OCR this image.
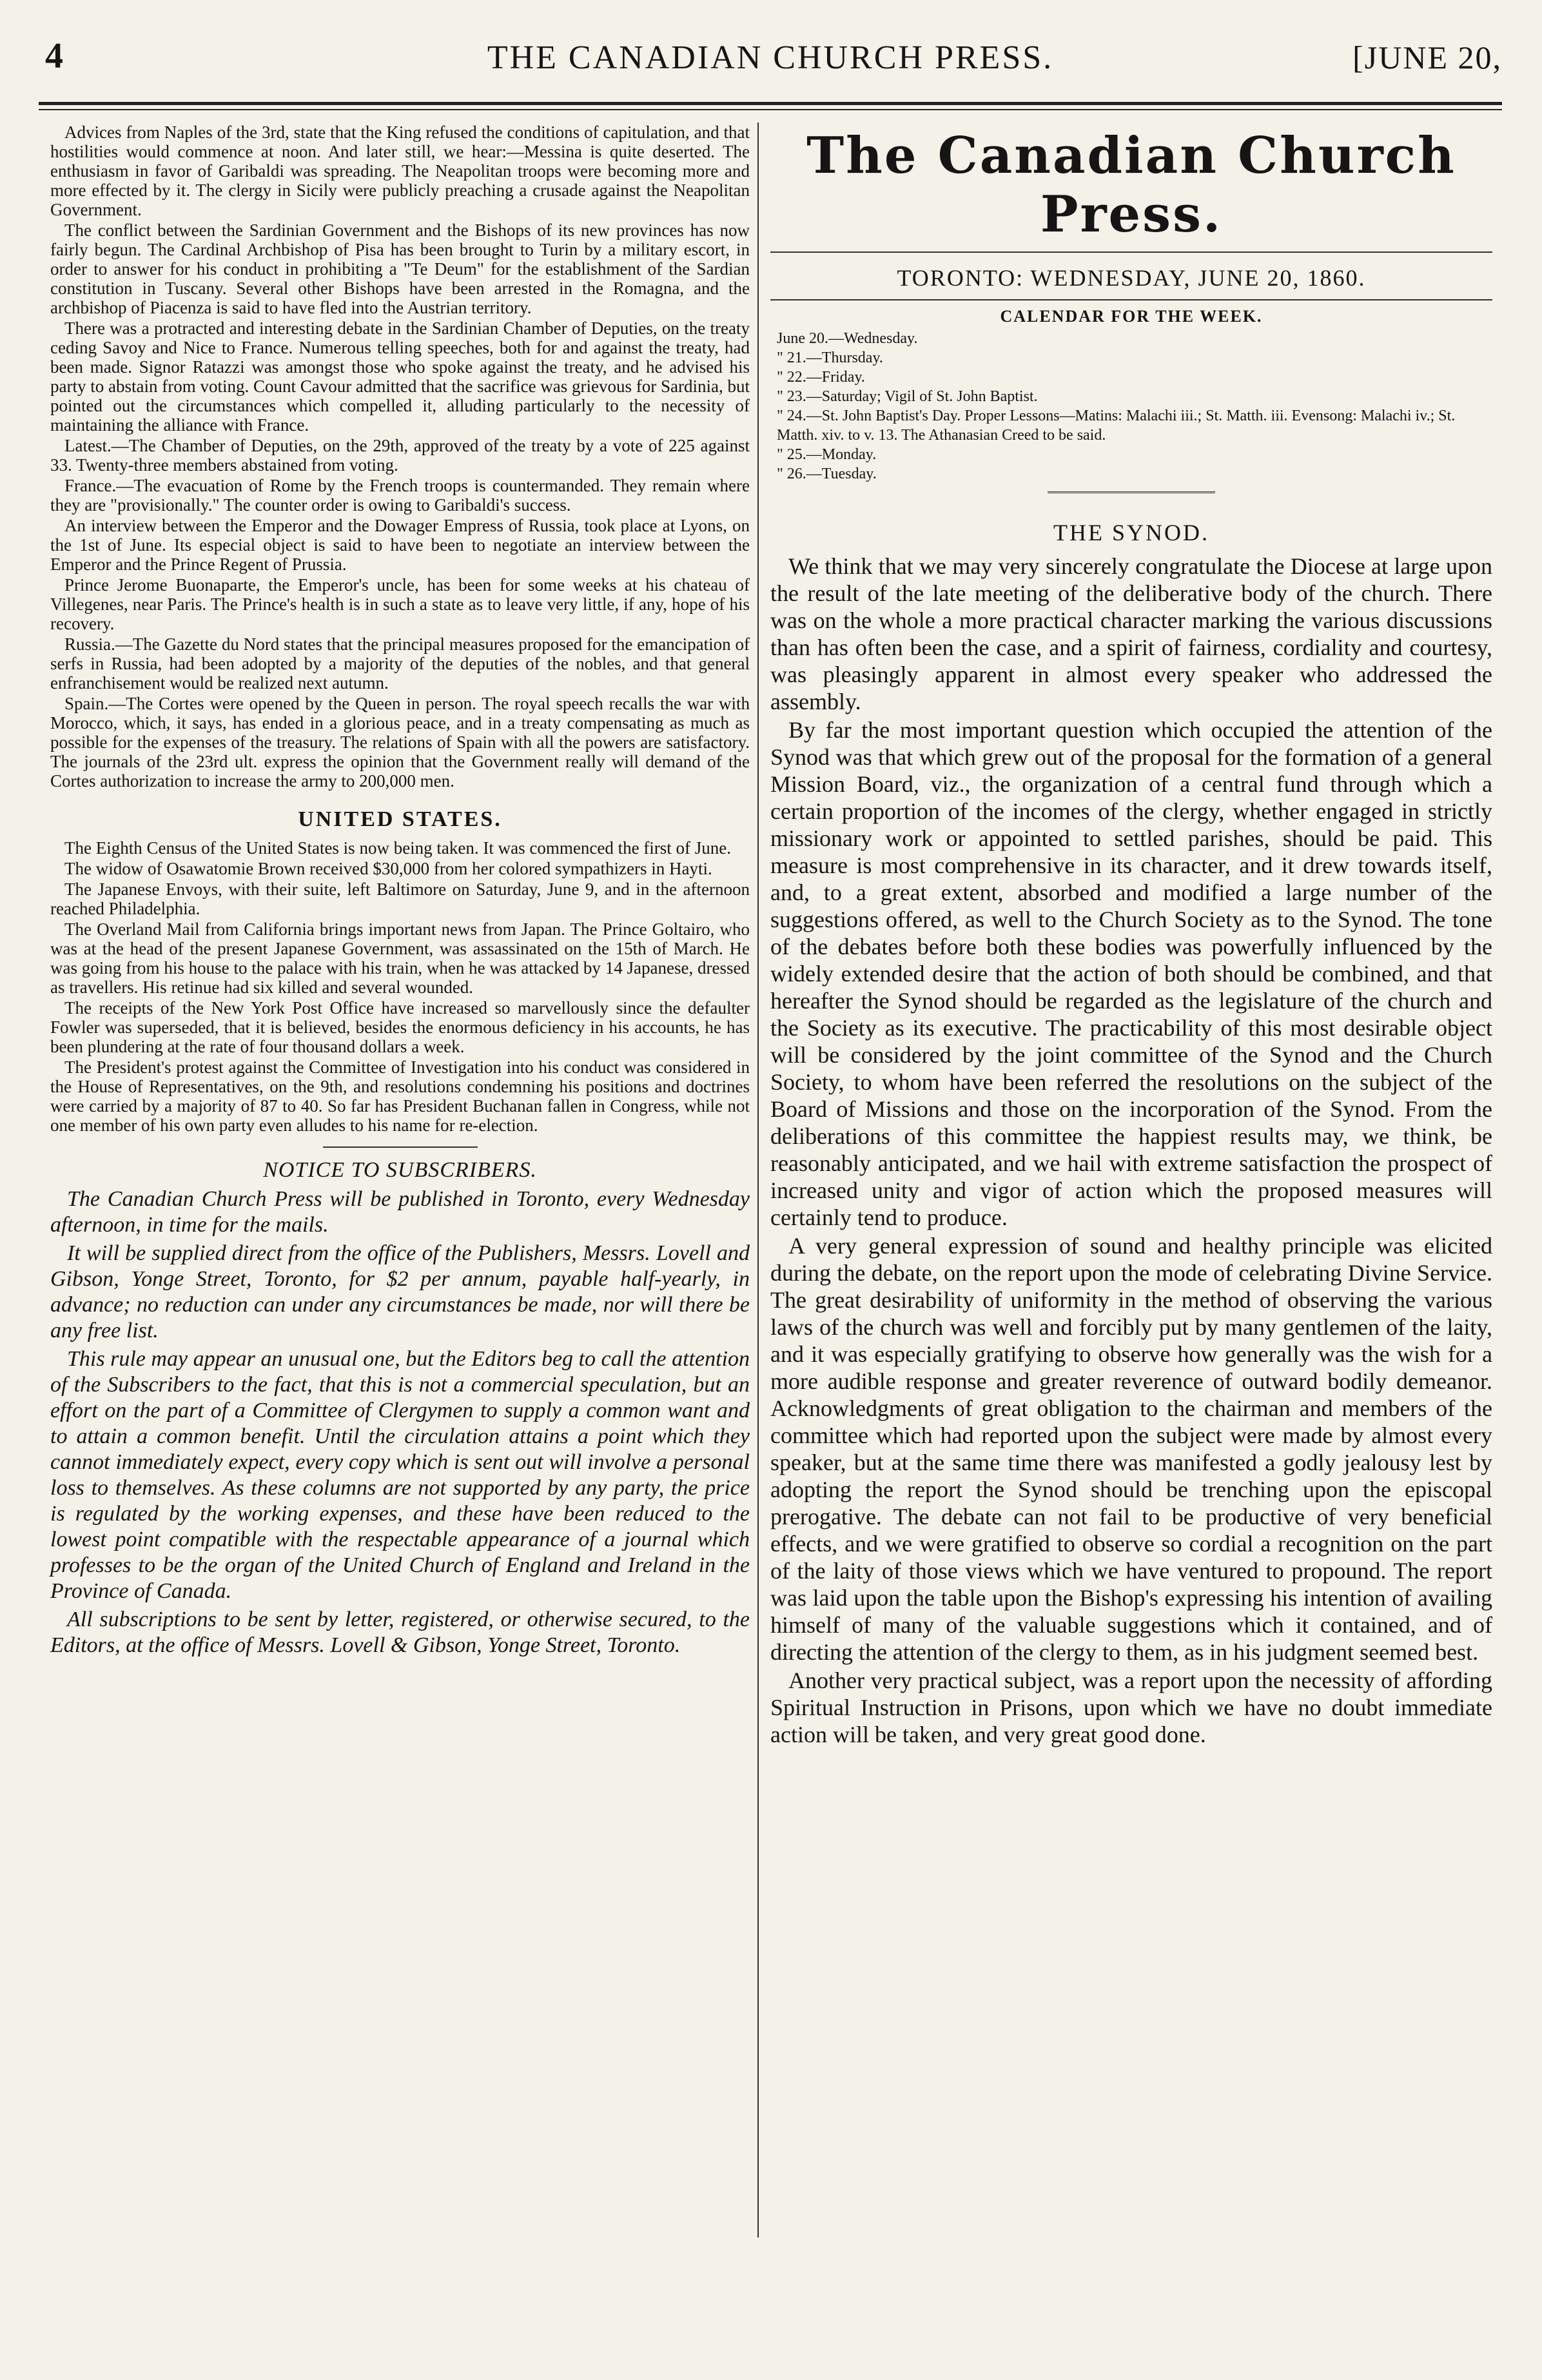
4	THE CANADIAN CHURCH PRESS.	[JUNE 20,

Advices from Naples of the 3rd, state that the King refused the conditions of capitulation, and that hostilities would commence at noon. And later still, we hear:—Messina is quite deserted. The enthusiasm in favor of Garibaldi was spreading. The Neapolitan troops were becoming more and more effected by it. The clergy in Sicily were publicly preaching a crusade against the Neapolitan Government.

The conflict between the Sardinian Government and the Bishops of its new provinces has now fairly begun. The Cardinal Archbishop of Pisa has been brought to Turin by a military escort, in order to answer for his conduct in prohibiting a "Te Deum" for the establishment of the Sardian constitution in Tuscany. Several other Bishops have been arrested in the Romagna, and the archbishop of Piacenza is said to have fled into the Austrian territory.

There was a protracted and interesting debate in the Sardinian Chamber of Deputies, on the treaty ceding Savoy and Nice to France. Numerous telling speeches, both for and against the treaty, had been made. Signor Ratazzi was amongst those who spoke against the treaty, and he advised his party to abstain from voting. Count Cavour admitted that the sacrifice was grievous for Sardinia, but pointed out the circumstances which compelled it, alluding particularly to the necessity of maintaining the alliance with France.

Latest.—The Chamber of Deputies, on the 29th, approved of the treaty by a vote of 225 against 33. Twenty-three members abstained from voting.

France.—The evacuation of Rome by the French troops is countermanded. They remain where they are "provisionally." The counter order is owing to Garibaldi's success.

An interview between the Emperor and the Dowager Empress of Russia, took place at Lyons, on the 1st of June. Its especial object is said to have been to negotiate an interview between the Emperor and the Prince Regent of Prussia.

Prince Jerome Buonaparte, the Emperor's uncle, has been for some weeks at his chateau of Villegenes, near Paris. The Prince's health is in such a state as to leave very little, if any, hope of his recovery.

Russia.—The Gazette du Nord states that the principal measures proposed for the emancipation of serfs in Russia, had been adopted by a majority of the deputies of the nobles, and that general enfranchisement would be realized next autumn.

Spain.—The Cortes were opened by the Queen in person. The royal speech recalls the war with Morocco, which, it says, has ended in a glorious peace, and in a treaty compensating as much as possible for the expenses of the treasury. The relations of Spain with all the powers are satisfactory. The journals of the 23rd ult. express the opinion that the Government really will demand of the Cortes authorization to increase the army to 200,000 men.

UNITED STATES.

The Eighth Census of the United States is now being taken. It was commenced the first of June.

The widow of Osawatomie Brown received $30,000 from her colored sympathizers in Hayti.

The Japanese Envoys, with their suite, left Baltimore on Saturday, June 9, and in the afternoon reached Philadelphia.

The Overland Mail from California brings important news from Japan. The Prince Goltairo, who was at the head of the present Japanese Government, was assassinated on the 15th of March. He was going from his house to the palace with his train, when he was attacked by 14 Japanese, dressed as travellers. His retinue had six killed and several wounded.

The receipts of the New York Post Office have increased so marvellously since the defaulter Fowler was superseded, that it is believed, besides the enormous deficiency in his accounts, he has been plundering at the rate of four thousand dollars a week.

The President's protest against the Committee of Investigation into his conduct was considered in the House of Representatives, on the 9th, and resolutions condemning his positions and doctrines were carried by a majority of 87 to 40. So far has President Buchanan fallen in Congress, while not one member of his own party even alludes to his name for re-election.

NOTICE TO SUBSCRIBERS.

The Canadian Church Press will be published in Toronto, every Wednesday afternoon, in time for the mails.

It will be supplied direct from the office of the Publishers, Messrs. Lovell and Gibson, Yonge Street, Toronto, for $2 per annum, payable half-yearly, in advance; no reduction can under any circumstances be made, nor will there be any free list.

This rule may appear an unusual one, but the Editors beg to call the attention of the Subscribers to the fact, that this is not a commercial speculation, but an effort on the part of a Committee of Clergymen to supply a common want and to attain a common benefit. Until the circulation attains a point which they cannot immediately expect, every copy which is sent out will involve a personal loss to themselves. As these columns are not supported by any party, the price is regulated by the working expenses, and these have been reduced to the lowest point compatible with the respectable appearance of a journal which professes to be the organ of the United Church of England and Ireland in the Province of Canada.

All subscriptions to be sent by letter, registered, or otherwise secured, to the Editors, at the office of Messrs. Lovell & Gibson, Yonge Street, Toronto.

The Canadian Church Press.
TORONTO: WEDNESDAY, JUNE 20, 1860.
CALENDAR FOR THE WEEK.
June 20.—Wednesday.
" 21.—Thursday.
" 22.—Friday.
" 23.—Saturday; Vigil of St. John Baptist.
" 24.—St. John Baptist's Day. Proper Lessons—Matins: Malachi iii.; St. Matth. iii. Evensong: Malachi iv.; St. Matth. xiv. to v. 13. The Athanasian Creed to be said.
" 25.—Monday.
" 26.—Tuesday.
THE SYNOD.

We think that we may very sincerely congratulate the Diocese at large upon the result of the late meeting of the deliberative body of the church. There was on the whole a more practical character marking the various discussions than has often been the case, and a spirit of fairness, cordiality and courtesy, was pleasingly apparent in almost every speaker who addressed the assembly.

By far the most important question which occupied the attention of the Synod was that which grew out of the proposal for the formation of a general Mission Board, viz., the organization of a central fund through which a certain proportion of the incomes of the clergy, whether engaged in strictly missionary work or appointed to settled parishes, should be paid. This measure is most comprehensive in its character, and it drew towards itself, and, to a great extent, absorbed and modified a large number of the suggestions offered, as well to the Church Society as to the Synod. The tone of the debates before both these bodies was powerfully influenced by the widely extended desire that the action of both should be combined, and that hereafter the Synod should be regarded as the legislature of the church and the Society as its executive. The practicability of this most desirable object will be considered by the joint committee of the Synod and the Church Society, to whom have been referred the resolutions on the subject of the Board of Missions and those on the incorporation of the Synod. From the deliberations of this committee the happiest results may, we think, be reasonably anticipated, and we hail with extreme satisfaction the prospect of increased unity and vigor of action which the proposed measures will certainly tend to produce.

A very general expression of sound and healthy principle was elicited during the debate, on the report upon the mode of celebrating Divine Service. The great desirability of uniformity in the method of observing the various laws of the church was well and forcibly put by many gentlemen of the laity, and it was especially gratifying to observe how generally was the wish for a more audible response and greater reverence of outward bodily demeanor. Acknowledgments of great obligation to the chairman and members of the committee which had reported upon the subject were made by almost every speaker, but at the same time there was manifested a godly jealousy lest by adopting the report the Synod should be trenching upon the episcopal prerogative. The debate can not fail to be productive of very beneficial effects, and we were gratified to observe so cordial a recognition on the part of the laity of those views which we have ventured to propound. The report was laid upon the table upon the Bishop's expressing his intention of availing himself of many of the valuable suggestions which it contained, and of directing the attention of the clergy to them, as in his judgment seemed best.

Another very practical subject, was a report upon the necessity of affording Spiritual Instruction in Prisons, upon which we have no doubt immediate action will be taken, and very great good done.
